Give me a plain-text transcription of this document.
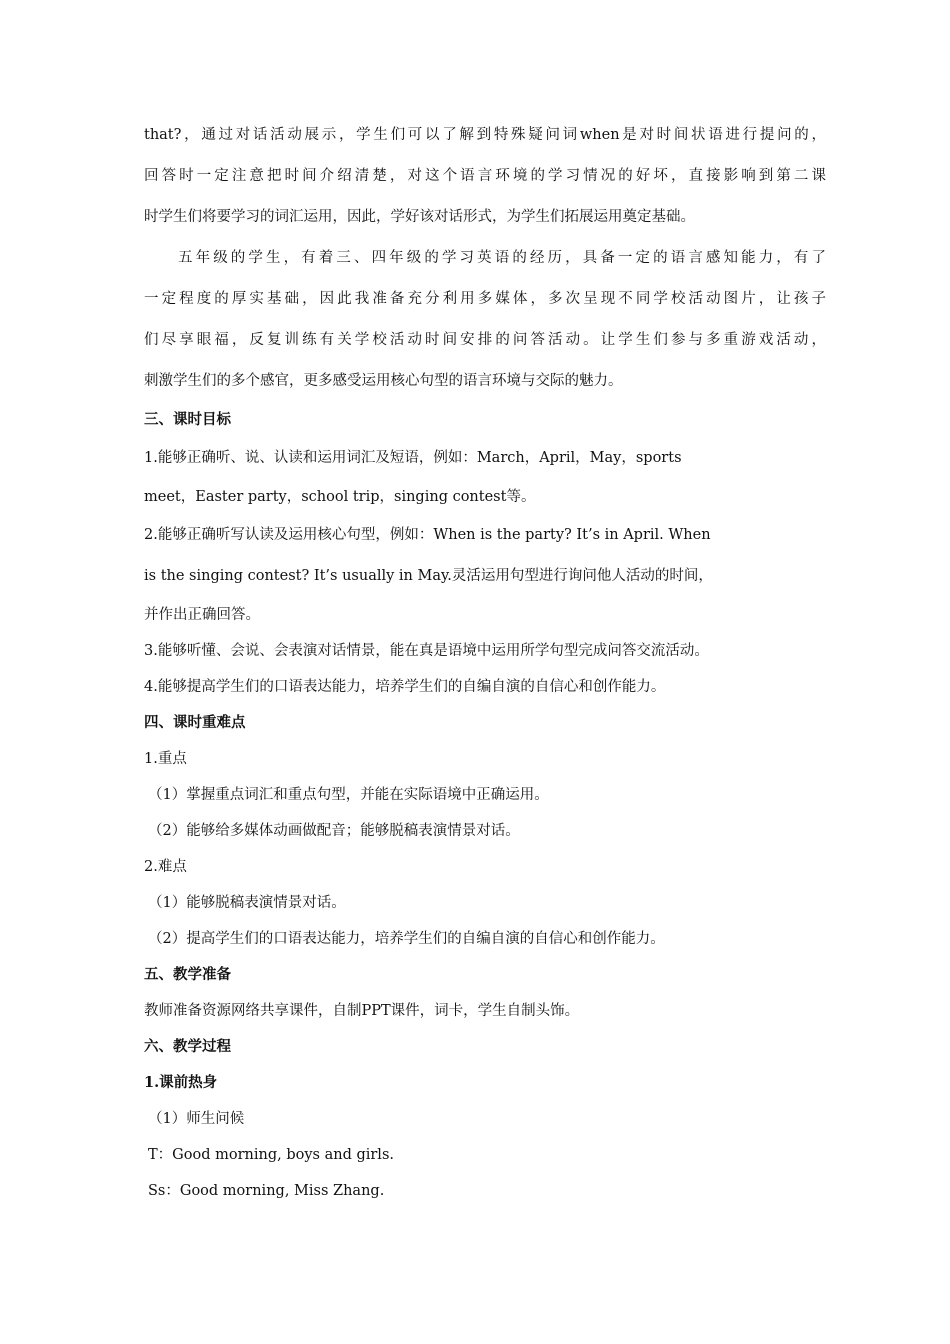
that?，通过对话活动展示，学生们可以了解到特殊疑问词when是对时间状语进行提问的，
回答时一定注意把时间介绍清楚，对这个语言环境的学习情况的好坏，直接影响到第二课
时学生们将要学习的词汇运用，因此，学好该对话形式，为学生们拓展运用奠定基础。
五年级的学生，有着三、四年级的学习英语的经历，具备一定的语言感知能力，有了
一定程度的厚实基础，因此我准备充分利用多媒体，多次呈现不同学校活动图片，让孩子
们尽享眼福，反复训练有关学校活动时间安排的问答活动。让学生们参与多重游戏活动，
刺激学生们的多个感官，更多感受运用核心句型的语言环境与交际的魅力。
三、课时目标
1.能够正确听、说、认读和运用词汇及短语，例如：March，April，May，sports
meet，Easter party，school trip，singing contest等。
2.能够正确听写认读及运用核心句型，例如：When is the party? It’s in April. When
is the singing contest? It’s usually in May.灵活运用句型进行询问他人活动的时间，
并作出正确回答。
3.能够听懂、会说、会表演对话情景，能在真是语境中运用所学句型完成问答交流活动。
4.能够提高学生们的口语表达能力，培养学生们的自编自演的自信心和创作能力。
四、课时重难点
1.重点
（1）掌握重点词汇和重点句型，并能在实际语境中正确运用。
（2）能够给多媒体动画做配音；能够脱稿表演情景对话。
2.难点
（1）能够脱稿表演情景对话。
（2）提高学生们的口语表达能力，培养学生们的自编自演的自信心和创作能力。
五、教学准备
教师准备资源网络共享课件，自制PPT课件，词卡，学生自制头饰。
六、教学过程
1.课前热身
（1）师生问候
T：Good morning, boys and girls.
Ss：Good morning, Miss Zhang.
